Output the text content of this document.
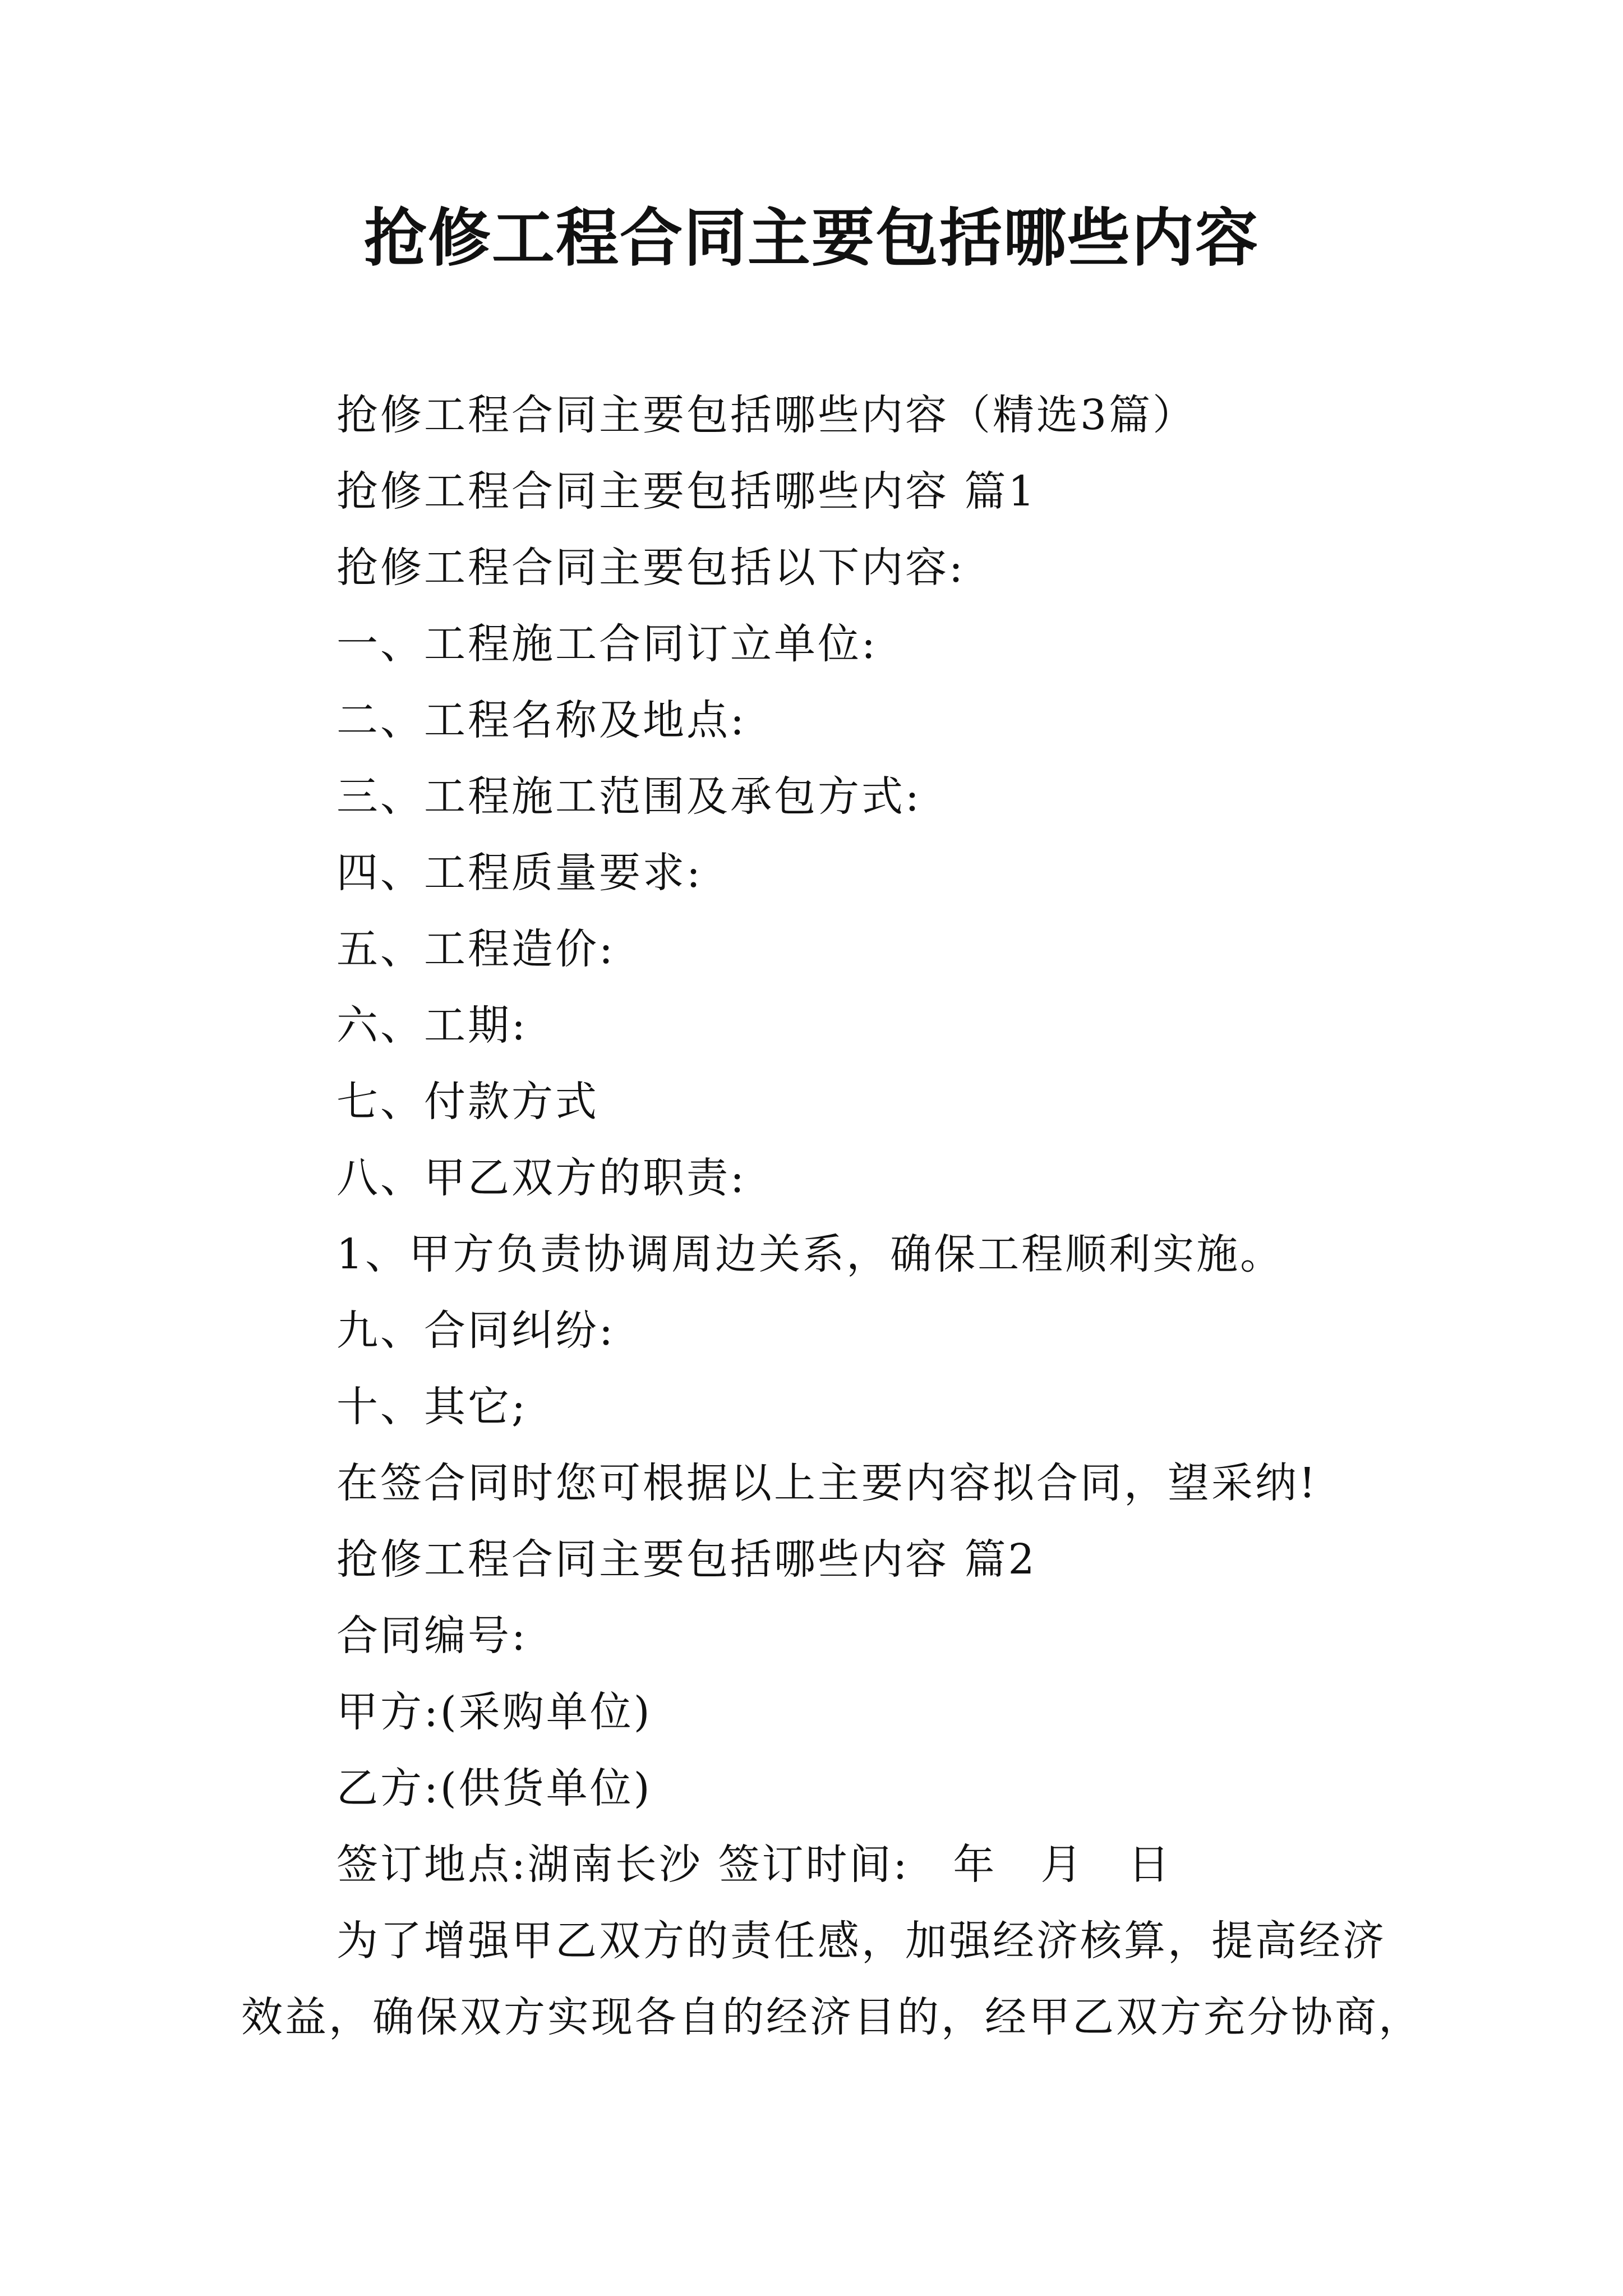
抢修工程合同主要包括哪些内容
抢修工程合同主要包括哪些内容（精选3篇）
抢修工程合同主要包括哪些内容 篇1
抢修工程合同主要包括以下内容:
一、工程施工合同订立单位:
二、工程名称及地点:
三、工程施工范围及承包方式:
四、工程质量要求:
五、工程造价:
六、工期:
七、付款方式
八、甲乙双方的职责:
1、甲方负责协调周边关系，确保工程顺利实施。
九、合同纠纷:
十、其它;
在签合同时您可根据以上主要内容拟合同，望采纳!
抢修工程合同主要包括哪些内容 篇2
合同编号:
甲方:(采购单位)
乙方:(供货单位)
签订地点:湖南长沙 签订时间:　年　月　日
为了增强甲乙双方的责任感，加强经济核算，提高经济
效益，确保双方实现各自的经济目的，经甲乙双方充分协商，
